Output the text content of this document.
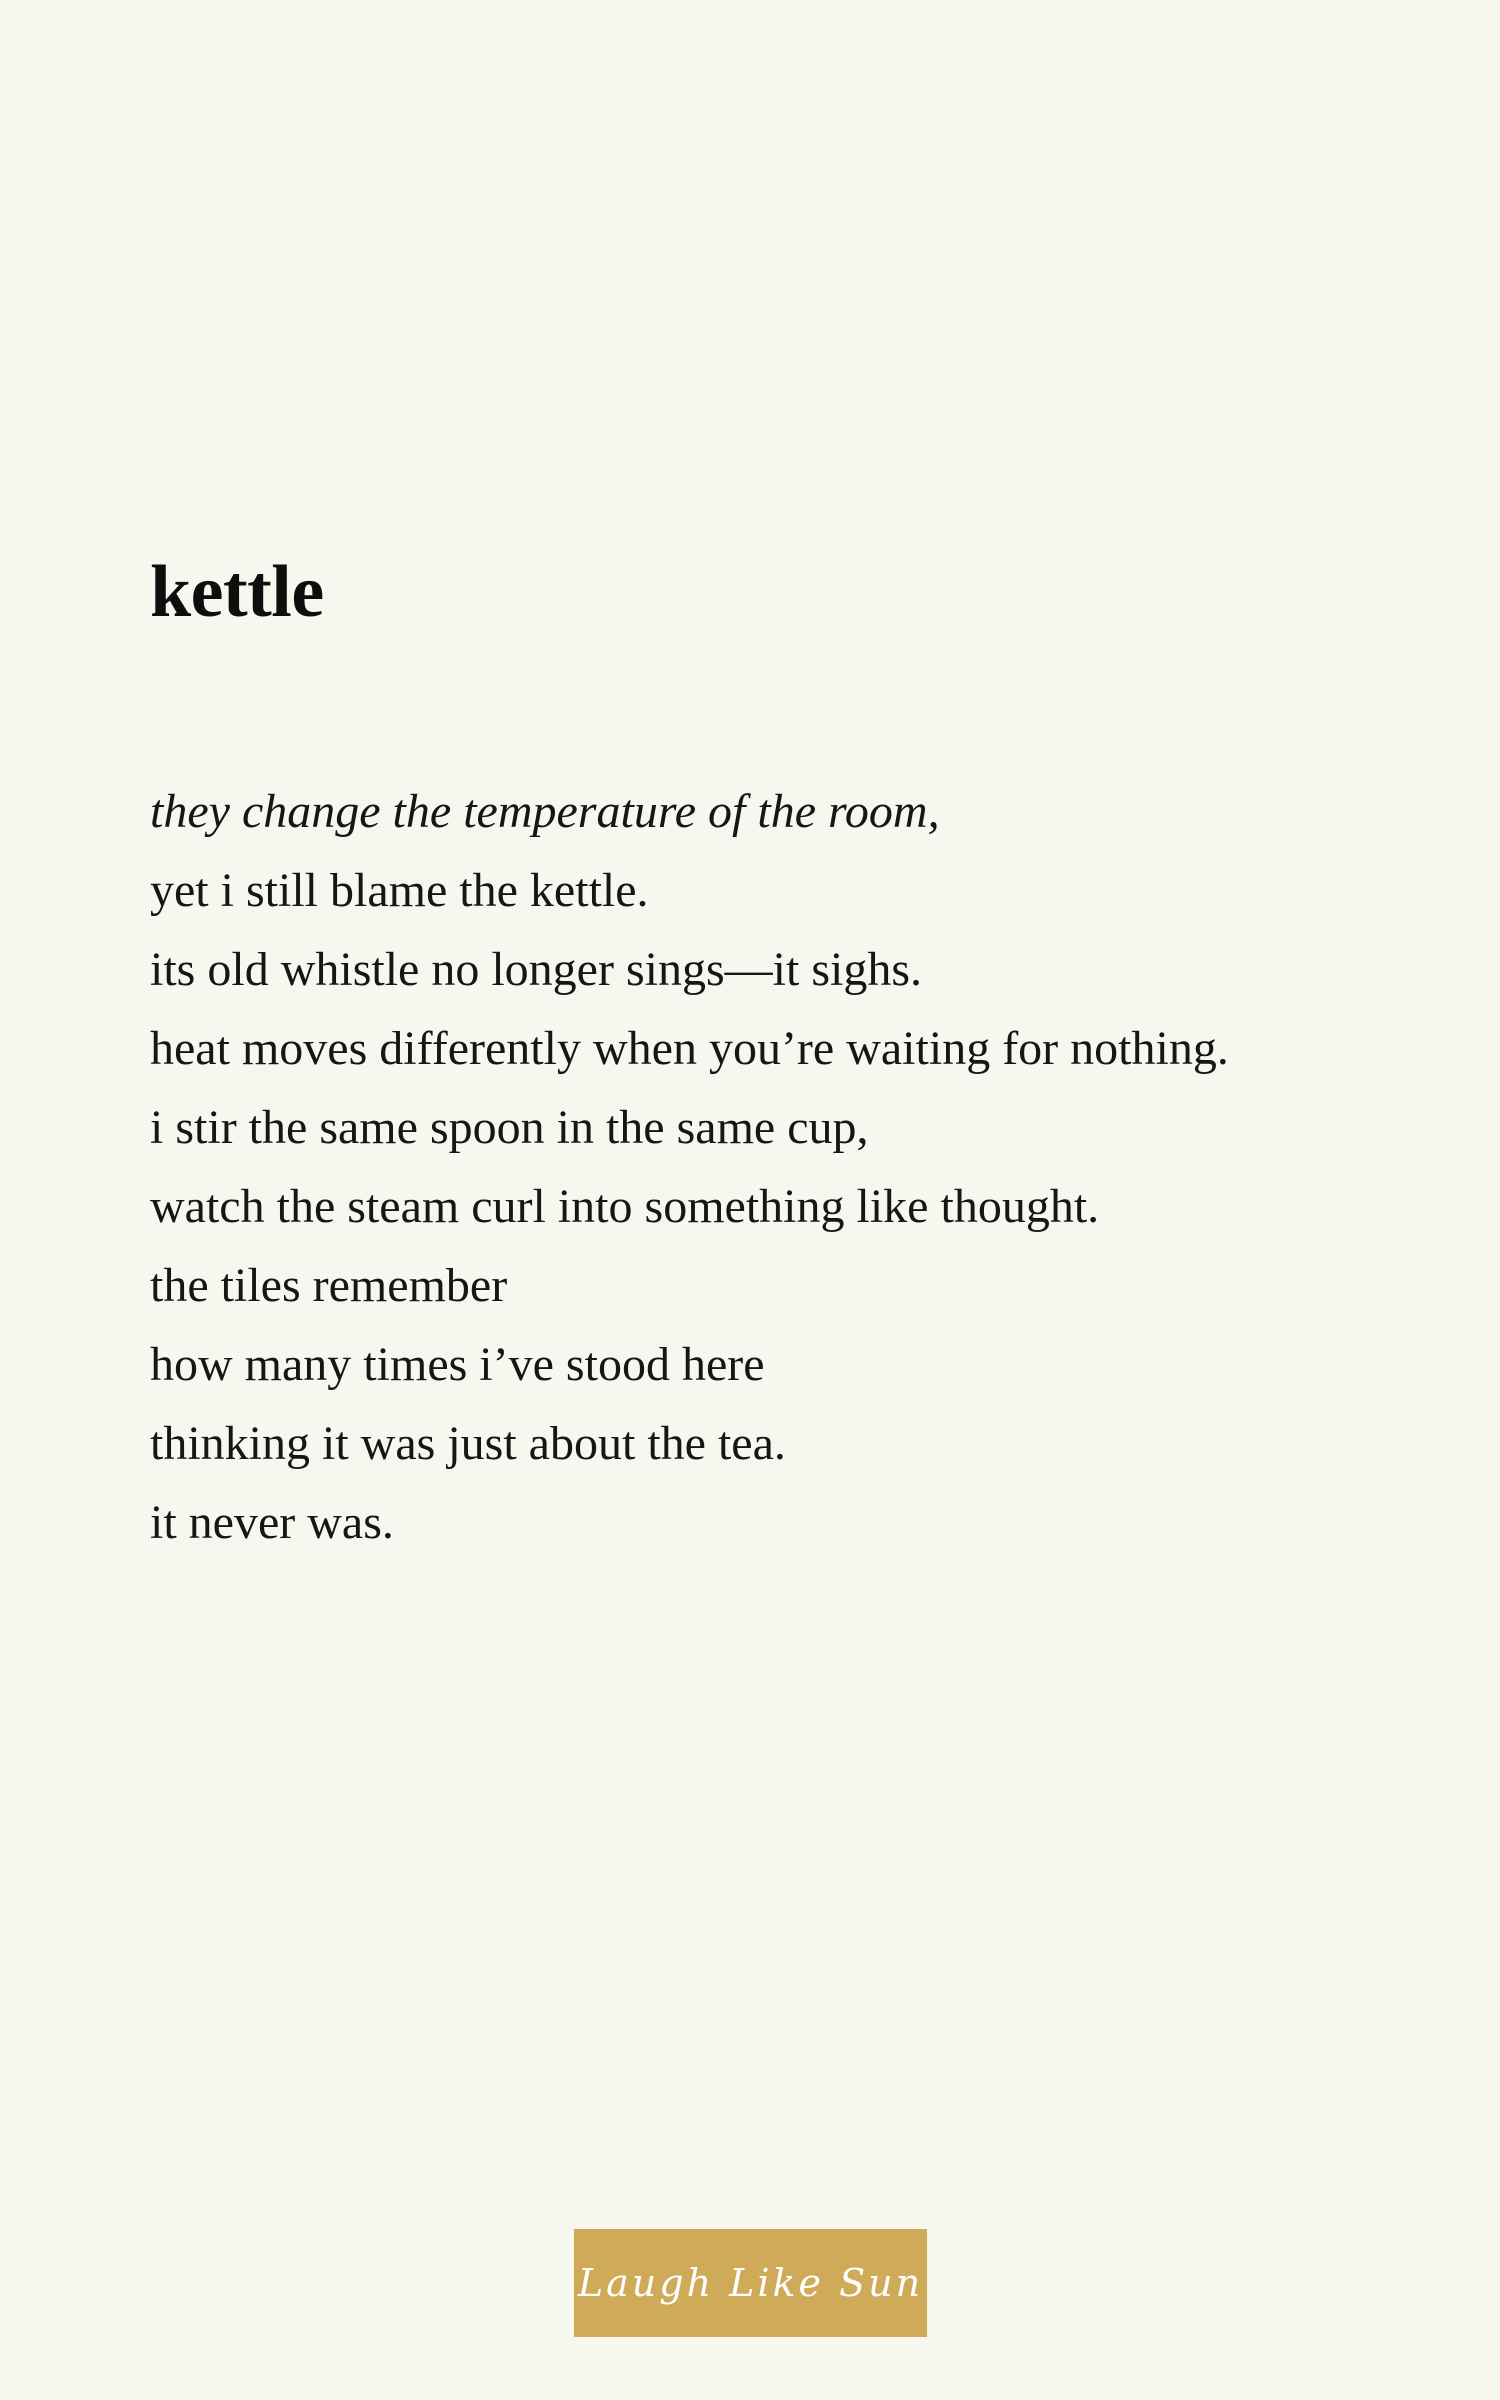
kettle
they change the temperature of the room,
yet i still blame the kettle.
its old whistle no longer sings—it sighs.
heat moves differently when you’re waiting for nothing.
i stir the same spoon in the same cup,
watch the steam curl into something like thought.
the tiles remember
how many times i’ve stood here
thinking it was just about the tea.
it never was.
Laugh Like Sun
